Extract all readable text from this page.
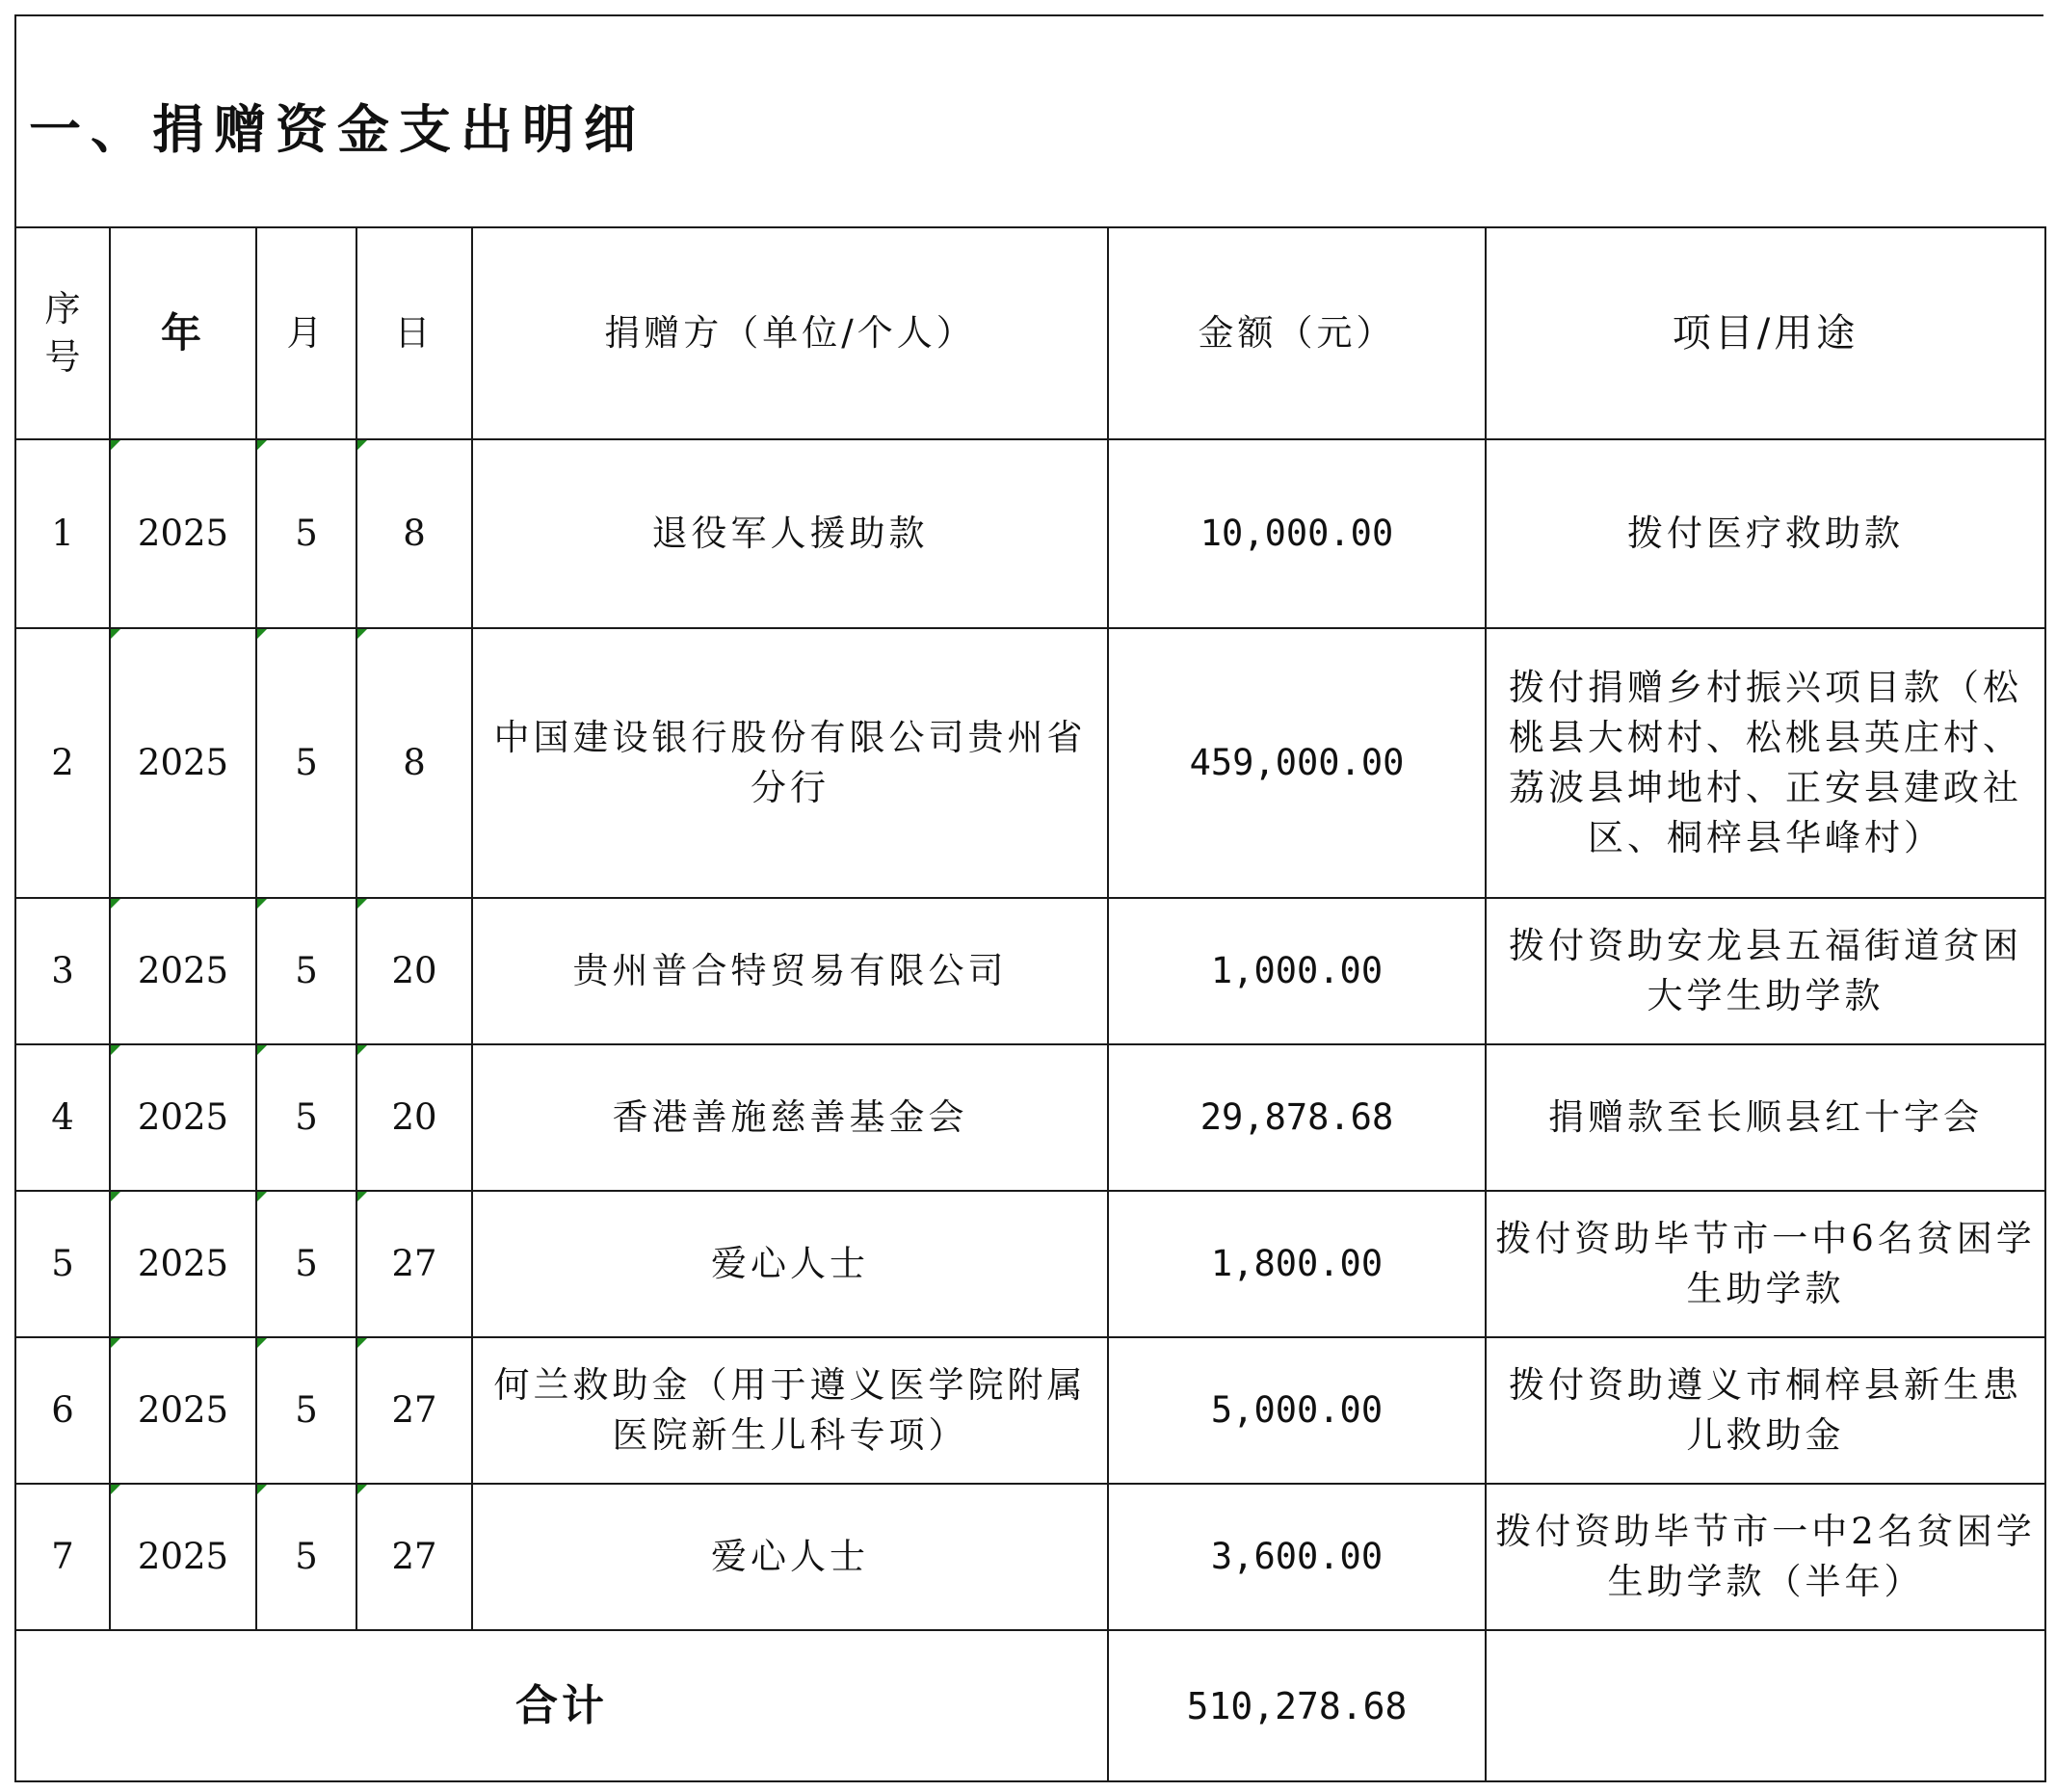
一、捐赠资金支出明细
序号	年	月	日	捐赠方（单位/个人）	金额（元）	项目/用途
1	2025	5	8	退役军人援助款	10,000.00	拨付医疗救助款
2	2025	5	8	中国建设银行股份有限公司贵州省分行	459,000.00	拨付捐赠乡村振兴项目款（松桃县大树村、松桃县英庄村、荔波县坤地村、正安县建政社区、桐梓县华峰村）
3	2025	5	20	贵州普合特贸易有限公司	1,000.00	拨付资助安龙县五福街道贫困大学生助学款
4	2025	5	20	香港善施慈善基金会	29,878.68	捐赠款至长顺县红十字会
5	2025	5	27	爱心人士	1,800.00	拨付资助毕节市一中6名贫困学生助学款
6	2025	5	27	何兰救助金（用于遵义医学院附属医院新生儿科专项）	5,000.00	拨付资助遵义市桐梓县新生患儿救助金
7	2025	5	27	爱心人士	3,600.00	拨付资助毕节市一中2名贫困学生助学款（半年）
合计					510,278.68	
